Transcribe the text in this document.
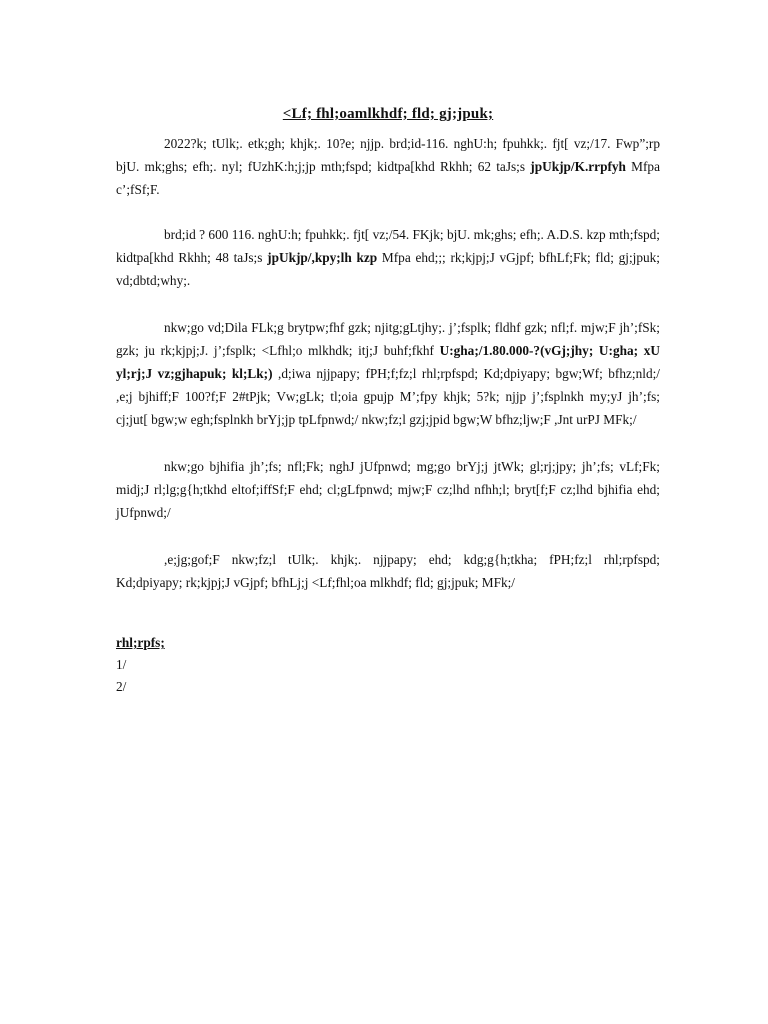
<Lf; fhl;oamlkhdf; fld; gj;jpuk;

2022?k; tUlk;. etk;gh; khjk;. 10?e; njjp. brd;id-116. nghU:h; fpuhkk;. fjt[ vz;/17. Fwp”;rp bjU. mk;ghs; efh;. nyl; fUzhK:h;j;jp mth;fspd; kidtpa[khd Rkhh; 62 taJs;s jpUkjp/K.rrpfyh Mfpa c’;fSf;F.

brd;id ? 600 116. nghU:h; fpuhkk;. fjt[ vz;/54. FKjk; bjU. mk;ghs; efh;. A.D.S. kzp mth;fspd; kidtpa[khd Rkhh; 48 taJs;s jpUkjp/,kpy;lh kzp Mfpa ehd;;; rk;kjpj;J vGjpf; bfhLf;Fk; fld; gj;jpuk; vd;dbtd;why;.

nkw;go vd;Dila FLk;g brytpw;fhf gzk; njitg;gLtjhy;. j’;fsplk; fldhf gzk; nfl;f. mjw;F jh’;fSk; gzk; ju rk;kjpj;J. j’;fsplk; <Lfhl;o mlkhdk; itj;J buhf;fkhf U:gha;/1.80.000-?(vGj;jhy; U:gha; xU yl;rj;J vz;gjhapuk; kl;Lk;) ,d;iwa njjpapy; fPH;f;fz;l rhl;rpfspd; Kd;dpiyapy; bgw;Wf; bfhz;nld;/ ,e;j bjhiff;F 100?f;F 2#tPjk; Vw;gLk; tl;oia gpujp M’;fpy khjk; 5?k; njjp j’;fsplnkh my;yJ jh’;fs; cj;jut[ bgw;w egh;fsplnkh brYj;jp tpLfpnwd;/ nkw;fz;l gzj;jpid bgw;W bfhz;ljw;F ,Jnt urPJ MFk;/

nkw;go bjhifia jh’;fs; nfl;Fk; nghJ jUfpnwd; mg;go brYj;j jtWk; gl;rj;jpy; jh’;fs; vLf;Fk; midj;J rl;lg;g{h;tkhd eltof;iffSf;F ehd; cl;gLfpnwd; mjw;F cz;lhd nfhh;l; bryt[f;F cz;lhd bjhifia ehd; jUfpnwd;/

,e;jg;gof;F nkw;fz;l tUlk;. khjk;. njjpapy; ehd; kdg;g{h;tkha; fPH;fz;l rhl;rpfspd; Kd;dpiyapy; rk;kjpj;J vGjpf; bfhLj;j <Lf;fhl;oa mlkhdf; fld; gj;jpuk; MFk;/

rhl;rpfs;
1/
2/
